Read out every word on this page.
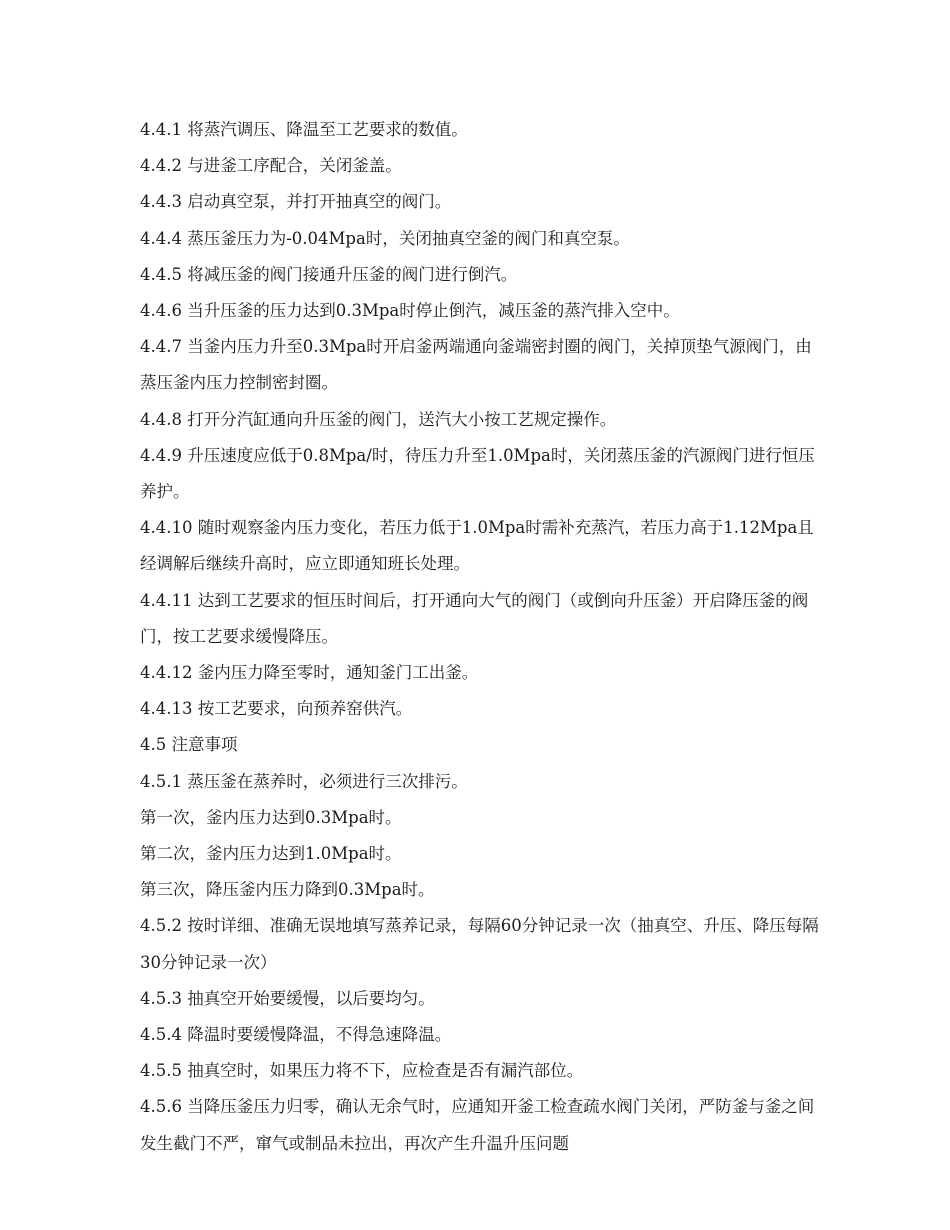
4.4.1 将蒸汽调压、降温至工艺要求的数值。

4.4.2 与进釜工序配合，关闭釜盖。

4.4.3 启动真空泵，并打开抽真空的阀门。

4.4.4 蒸压釜压力为-0.04Mpa时，关闭抽真空釜的阀门和真空泵。

4.4.5 将减压釜的阀门接通升压釜的阀门进行倒汽。

4.4.6 当升压釜的压力达到0.3Mpa时停止倒汽，减压釜的蒸汽排入空中。

4.4.7 当釜内压力升至0.3Mpa时开启釜两端通向釜端密封圈的阀门，关掉顶垫气源阀门，由蒸压釜内压力控制密封圈。

4.4.8 打开分汽缸通向升压釜的阀门，送汽大小按工艺规定操作。

4.4.9 升压速度应低于0.8Mpa/时，待压力升至1.0Mpa时，关闭蒸压釜的汽源阀门进行恒压养护。

4.4.10 随时观察釜内压力变化，若压力低于1.0Mpa时需补充蒸汽，若压力高于1.12Mpa且经调解后继续升高时，应立即通知班长处理。

4.4.11 达到工艺要求的恒压时间后，打开通向大气的阀门（或倒向升压釜）开启降压釜的阀门，按工艺要求缓慢降压。

4.4.12 釜内压力降至零时，通知釜门工出釜。

4.4.13 按工艺要求，向预养窑供汽。

4.5 注意事项

4.5.1 蒸压釜在蒸养时，必须进行三次排污。

第一次，釜内压力达到0.3Mpa时。

第二次，釜内压力达到1.0Mpa时。

第三次，降压釜内压力降到0.3Mpa时。

4.5.2 按时详细、准确无误地填写蒸养记录，每隔60分钟记录一次（抽真空、升压、降压每隔30分钟记录一次）

4.5.3 抽真空开始要缓慢，以后要均匀。

4.5.4 降温时要缓慢降温，不得急速降温。

4.5.5 抽真空时，如果压力将不下，应检查是否有漏汽部位。

4.5.6 当降压釜压力归零，确认无余气时，应通知开釜工检查疏水阀门关闭，严防釜与釜之间发生截门不严，窜气或制品未拉出，再次产生升温升压问题
